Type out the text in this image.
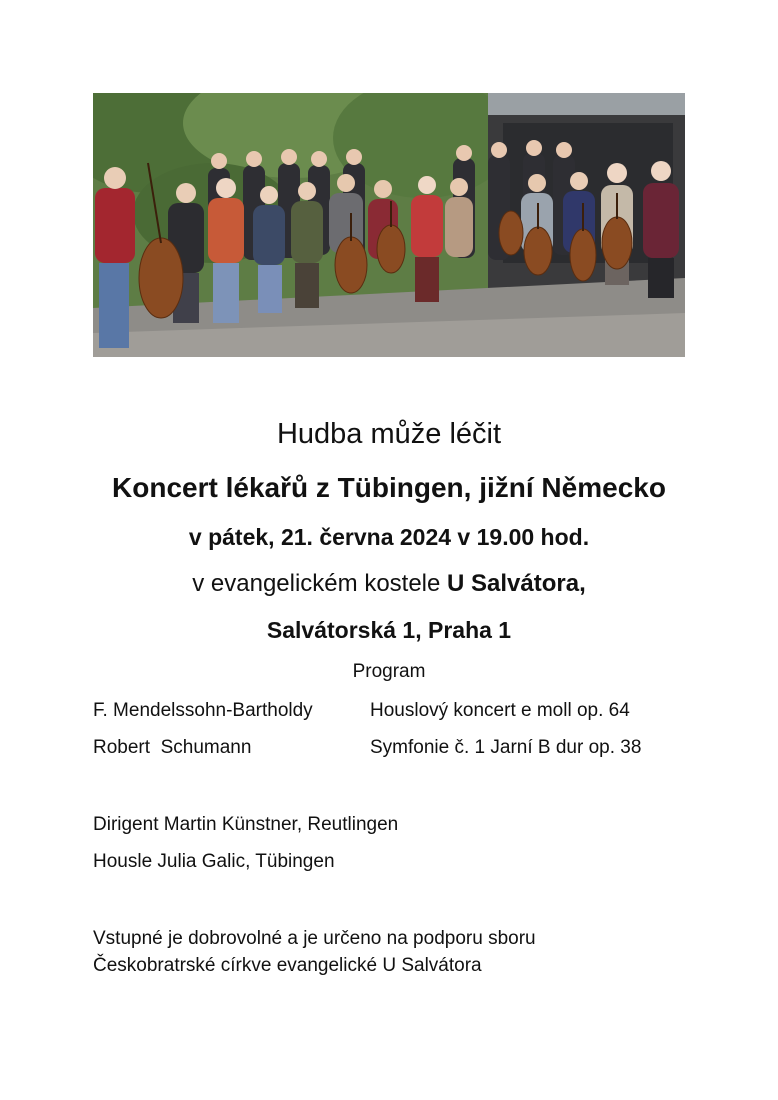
Hudba může léčit
Koncert lékařů z Tübingen, jižní Německo
v pátek, 21. června 2024 v 19.00 hod.
v evangelickém kostele U Salvátora,
Salvátorská 1, Praha 1
Program
F. Mendelssohn-Bartholdy	Houslový koncert e moll op. 64
Robert  Schumann	Symfonie č. 1 Jarní B dur op. 38
Dirigent Martin Künstner, Reutlingen
Housle Julia Galic, Tübingen
Vstupné je dobrovolné a je určeno na podporu sboru
Českobratrské církve evangelické U Salvátora
